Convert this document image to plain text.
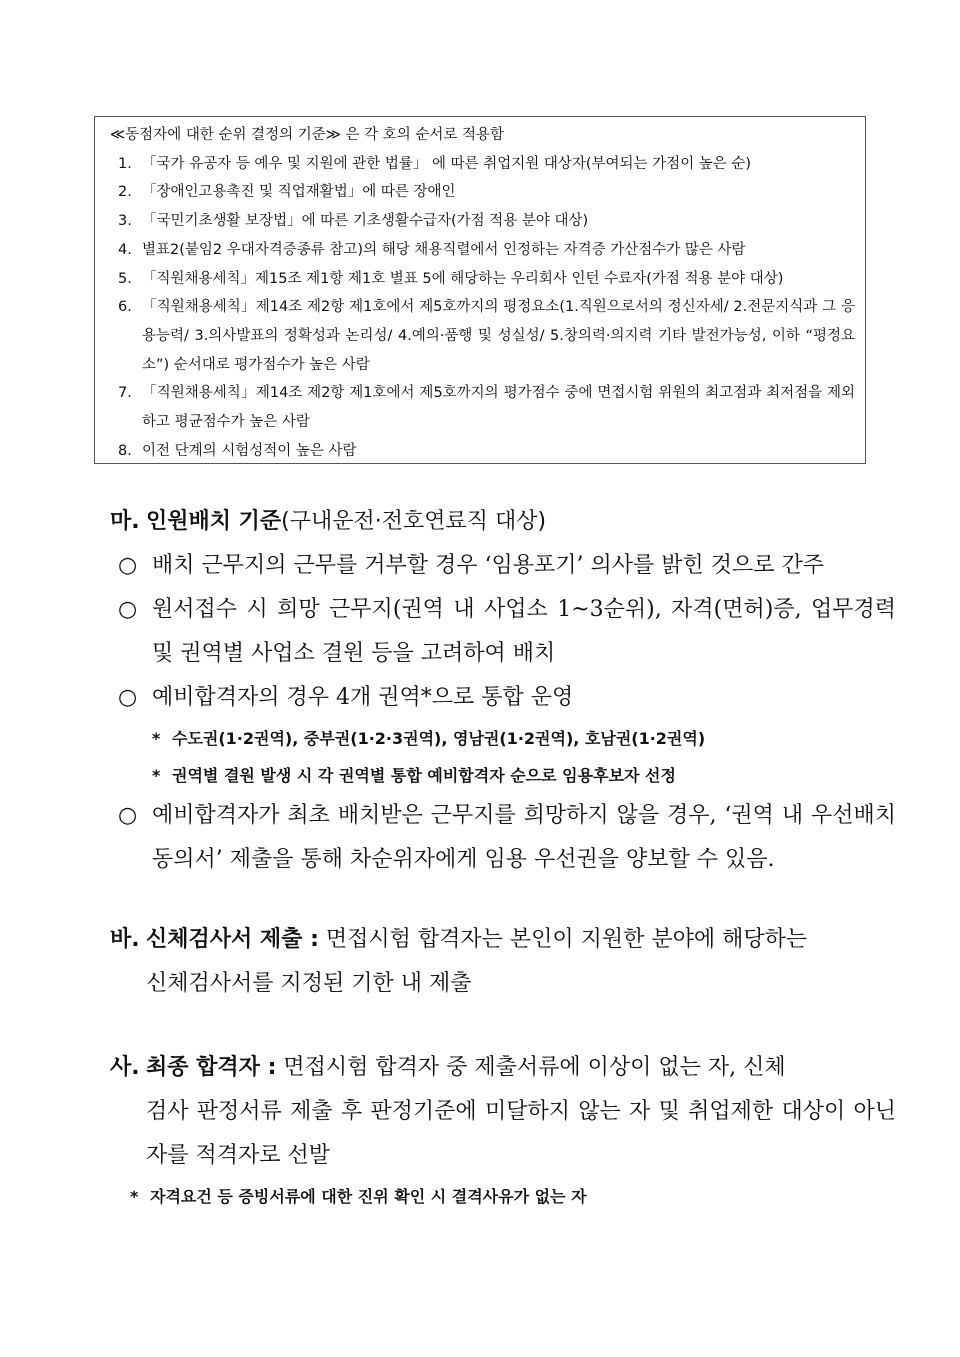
≪동점자에 대한 순위 결정의 기준≫ 은 각 호의 순서로 적용함
1. 「국가 유공자 등 예우 및 지원에 관한 법률」 에 따른 취업지원 대상자(부여되는 가점이 높은 순)
2. 「장애인고용촉진 및 직업재활법」에 따른 장애인
3. 「국민기초생활 보장법」에 따른 기초생활수급자(가점 적용 분야 대상)
4. 별표2(붙임2 우대자격증종류 참고)의 해당 채용직렬에서 인정하는 자격증 가산점수가 많은 사람
5. 「직원채용세칙」제15조 제1항 제1호 별표 5에 해당하는 우리회사 인턴 수료자(가점 적용 분야 대상)
6. 「직원채용세칙」제14조 제2항 제1호에서 제5호까지의 평정요소(1.직원으로서의 정신자세/ 2.전문지식과 그 응용능력/ 3.의사발표의 정확성과 논리성/ 4.예의·품행 및 성실성/ 5.창의력·의지력 기타 발전가능성, 이하 “평정요소”) 순서대로 평가점수가 높은 사람
7. 「직원채용세칙」제14조 제2항 제1호에서 제5호까지의 평가점수 중에 면접시험 위원의 최고점과 최저점을 제외하고 평균점수가 높은 사람
8. 이전 단계의 시험성적이 높은 사람
마. 인원배치 기준(구내운전·전호연료직 대상)
○ 배치 근무지의 근무를 거부할 경우 ‘임용포기’ 의사를 밝힌 것으로 간주
○ 원서접수 시 희망 근무지(권역 내 사업소 1~3순위), 자격(면허)증, 업무경력 및 권역별 사업소 결원 등을 고려하여 배치
○ 예비합격자의 경우 4개 권역*으로 통합 운영
* 수도권(1·2권역), 중부권(1·2·3권역), 영남권(1·2권역), 호남권(1·2권역)
* 권역별 결원 발생 시 각 권역별 통합 예비합격자 순으로 임용후보자 선정
○ 예비합격자가 최초 배치받은 근무지를 희망하지 않을 경우, ‘권역 내 우선배치 동의서’ 제출을 통해 차순위자에게 임용 우선권을 양보할 수 있음.
바. 신체검사서 제출 : 면접시험 합격자는 본인이 지원한 분야에 해당하는
신체검사서를 지정된 기한 내 제출
사. 최종 합격자 : 면접시험 합격자 중 제출서류에 이상이 없는 자, 신체
검사 판정서류 제출 후 판정기준에 미달하지 않는 자 및 취업제한 대상이 아닌 자를 적격자로 선발
* 자격요건 등 증빙서류에 대한 진위 확인 시 결격사유가 없는 자
